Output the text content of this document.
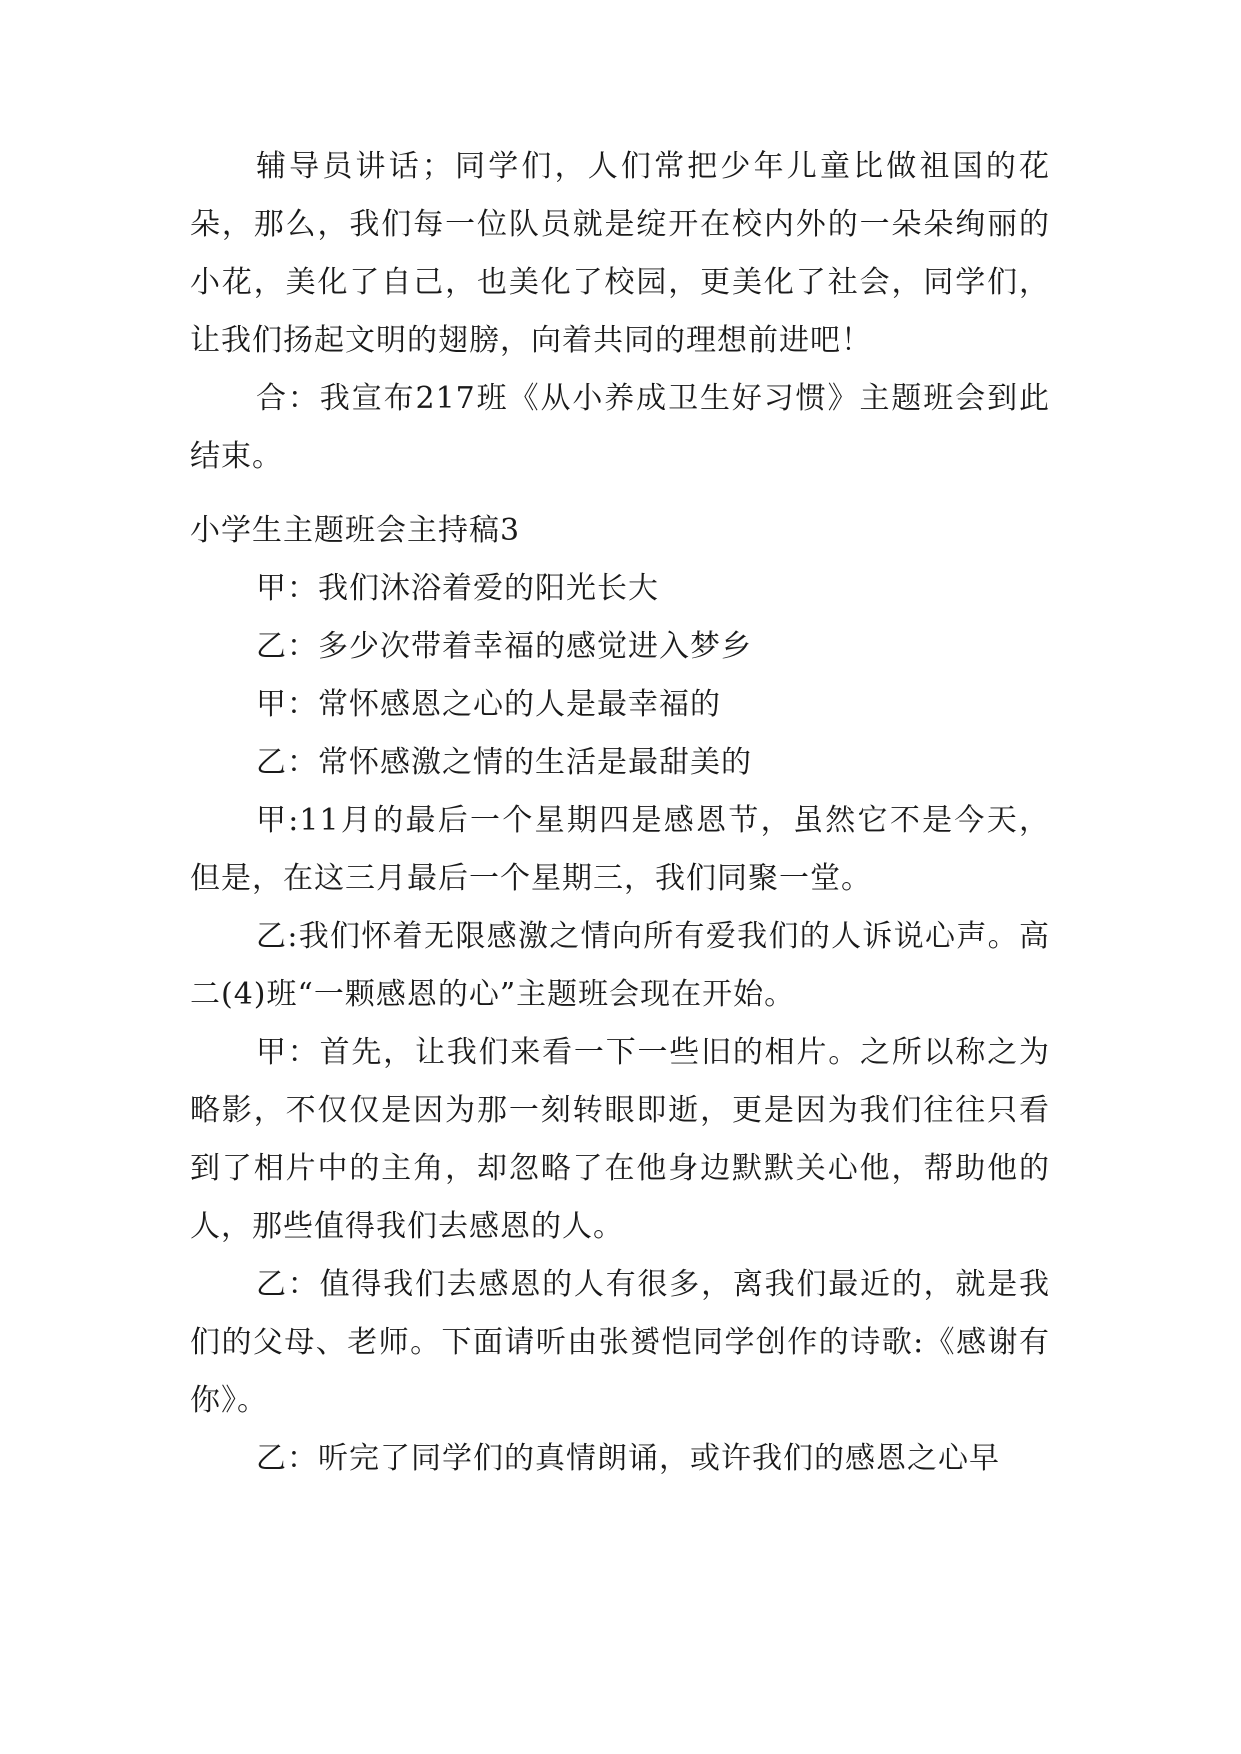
辅导员讲话；同学们，人们常把少年儿童比做祖国的花朵，那么，我们每一位队员就是绽开在校内外的一朵朵绚丽的小花，美化了自己，也美化了校园，更美化了社会，同学们，让我们扬起文明的翅膀，向着共同的理想前进吧！

合：我宣布217班《从小养成卫生好习惯》主题班会到此结束。

小学生主题班会主持稿3

甲：我们沐浴着爱的阳光长大

乙：多少次带着幸福的感觉进入梦乡

甲：常怀感恩之心的人是最幸福的

乙：常怀感激之情的生活是最甜美的

甲:11月的最后一个星期四是感恩节，虽然它不是今天，但是，在这三月最后一个星期三，我们同聚一堂。

乙:我们怀着无限感激之情向所有爱我们的人诉说心声。高二(4)班“一颗感恩的心”主题班会现在开始。

甲：首先，让我们来看一下一些旧的相片。之所以称之为略影，不仅仅是因为那一刻转眼即逝，更是因为我们往往只看到了相片中的主角，却忽略了在他身边默默关心他，帮助他的人，那些值得我们去感恩的人。

乙：值得我们去感恩的人有很多，离我们最近的，就是我们的父母、老师。下面请听由张赟恺同学创作的诗歌:《感谢有你》。

乙：听完了同学们的真情朗诵，或许我们的感恩之心早
